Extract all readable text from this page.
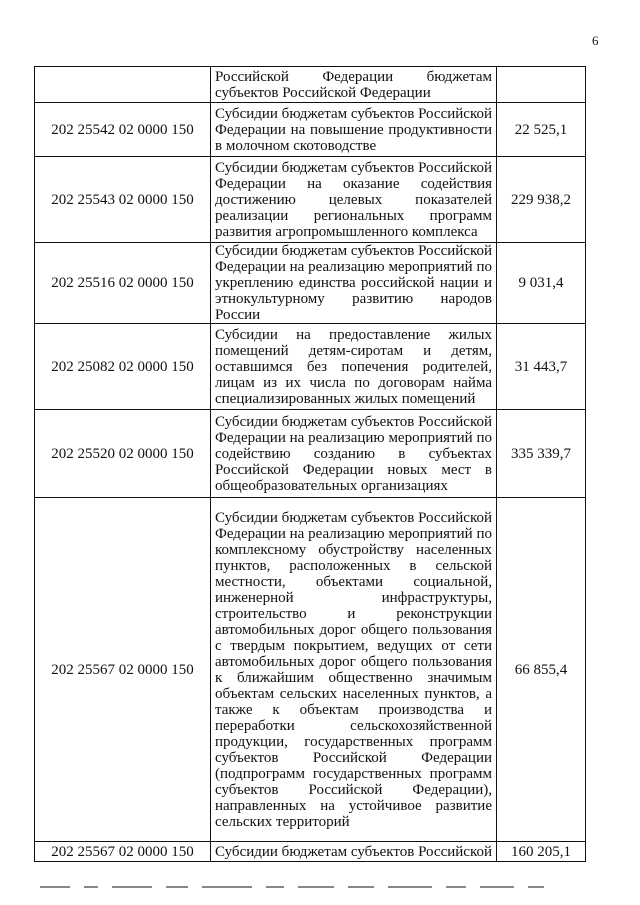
6
	Российской Федерации бюджетам субъектов Российской Федерации	
202 25542 02 0000 150	Субсидии бюджетам субъектов Российской Федерации на повышение продуктивности в молочном скотоводстве	22 525,1
202 25543 02 0000 150	Субсидии бюджетам субъектов Российской Федерации на оказание содействия достижению целевых показателей реализации региональных программ развития агропромышленного комплекса	229 938,2
202 25516 02 0000 150	Субсидии бюджетам субъектов Российской Федерации на реализацию мероприятий по укреплению единства российской нации и этнокультурному развитию народов России	9 031,4
202 25082 02 0000 150	Субсидии на предоставление жилых помещений детям-сиротам и детям, оставшимся без попечения родителей, лицам из их числа по договорам найма специализированных жилых помещений	31 443,7
202 25520 02 0000 150	Субсидии бюджетам субъектов Российской Федерации на реализацию мероприятий по содействию созданию в субъектах Российской Федерации новых мест в общеобразовательных организациях	335 339,7
202 25567 02 0000 150	Субсидии бюджетам субъектов Российской Федерации на реализацию мероприятий по комплексному обустройству населенных пунктов, расположенных в сельской местности, объектами социальной, инженерной инфраструктуры, строительство и реконструкции автомобильных дорог общего пользования с твердым покрытием, ведущих от сети автомобильных дорог общего пользования к ближайшим общественно значимым объектам сельских населенных пунктов, а также к объектам производства и переработки сельскохозяйственной продукции, государственных программ субъектов Российской Федерации (подпрограмм государственных программ субъектов Российской Федерации), направленных на устойчивое развитие сельских территорий	66 855,4
202 25567 02 0000 150	Субсидии бюджетам субъектов Российской	160 205,1
